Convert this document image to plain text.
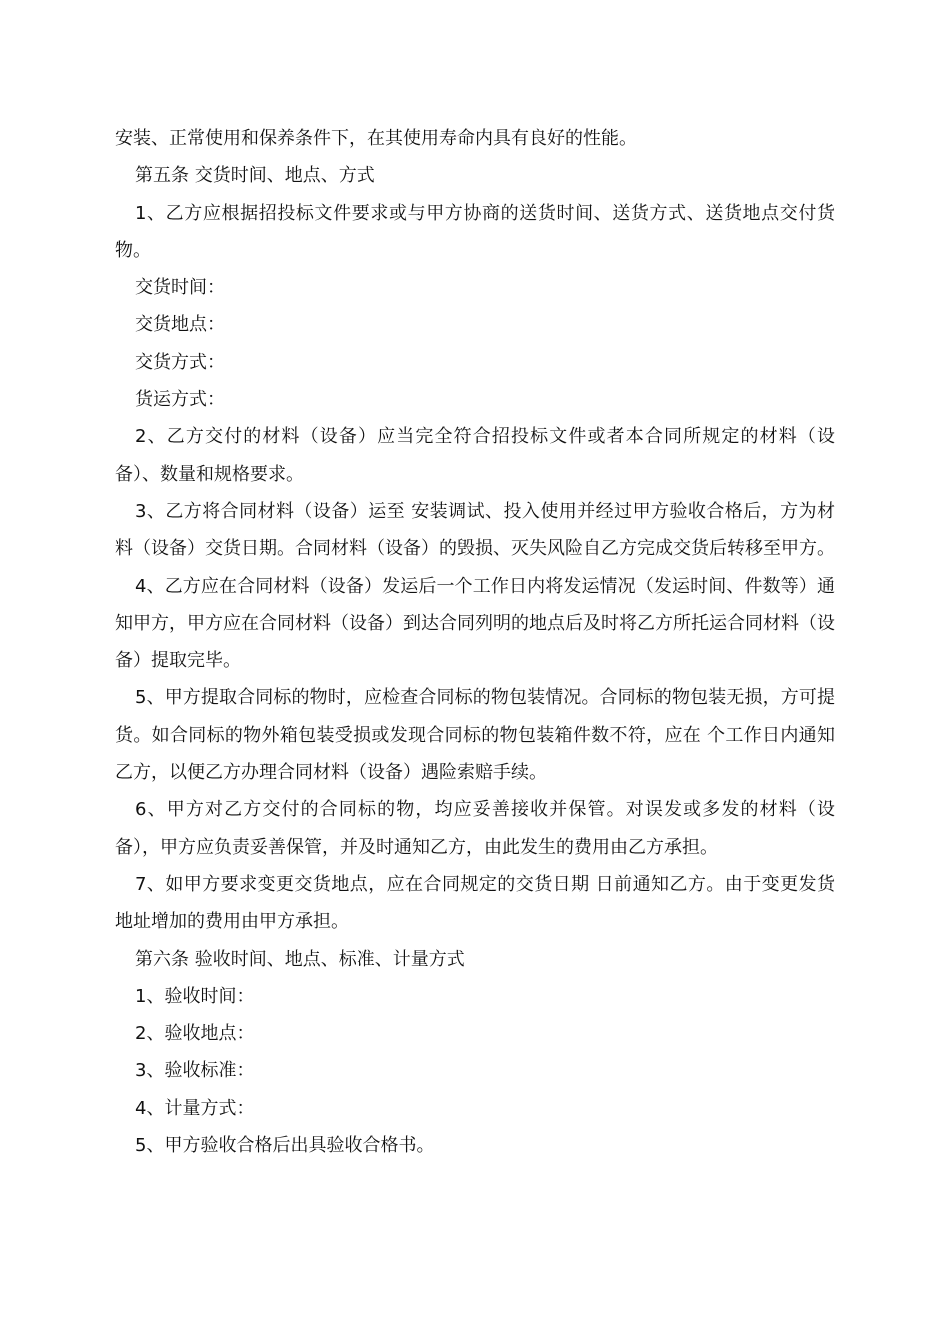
安装、正常使用和保养条件下，在其使用寿命内具有良好的性能。

第五条 交货时间、地点、方式

1、乙方应根据招投标文件要求或与甲方协商的送货时间、送货方式、送货地点交付货物。

交货时间：

交货地点：

交货方式：

货运方式：

2、乙方交付的材料（设备）应当完全符合招投标文件或者本合同所规定的材料（设备）、数量和规格要求。

3、乙方将合同材料（设备）运至 安装调试、投入使用并经过甲方验收合格后，方为材料（设备）交货日期。合同材料（设备）的毁损、灭失风险自乙方完成交货后转移至甲方。

4、乙方应在合同材料（设备）发运后一个工作日内将发运情况（发运时间、件数等）通知甲方，甲方应在合同材料（设备）到达合同列明的地点后及时将乙方所托运合同材料（设备）提取完毕。

5、甲方提取合同标的物时，应检查合同标的物包装情况。合同标的物包装无损，方可提货。如合同标的物外箱包装受损或发现合同标的物包装箱件数不符，应在 个工作日内通知乙方，以便乙方办理合同材料（设备）遇险索赔手续。

6、甲方对乙方交付的合同标的物，均应妥善接收并保管。对误发或多发的材料（设备），甲方应负责妥善保管，并及时通知乙方，由此发生的费用由乙方承担。

7、如甲方要求变更交货地点，应在合同规定的交货日期 日前通知乙方。由于变更发货地址增加的费用由甲方承担。

第六条 验收时间、地点、标准、计量方式

1、验收时间：

2、验收地点：

3、验收标准：

4、计量方式：

5、甲方验收合格后出具验收合格书。
